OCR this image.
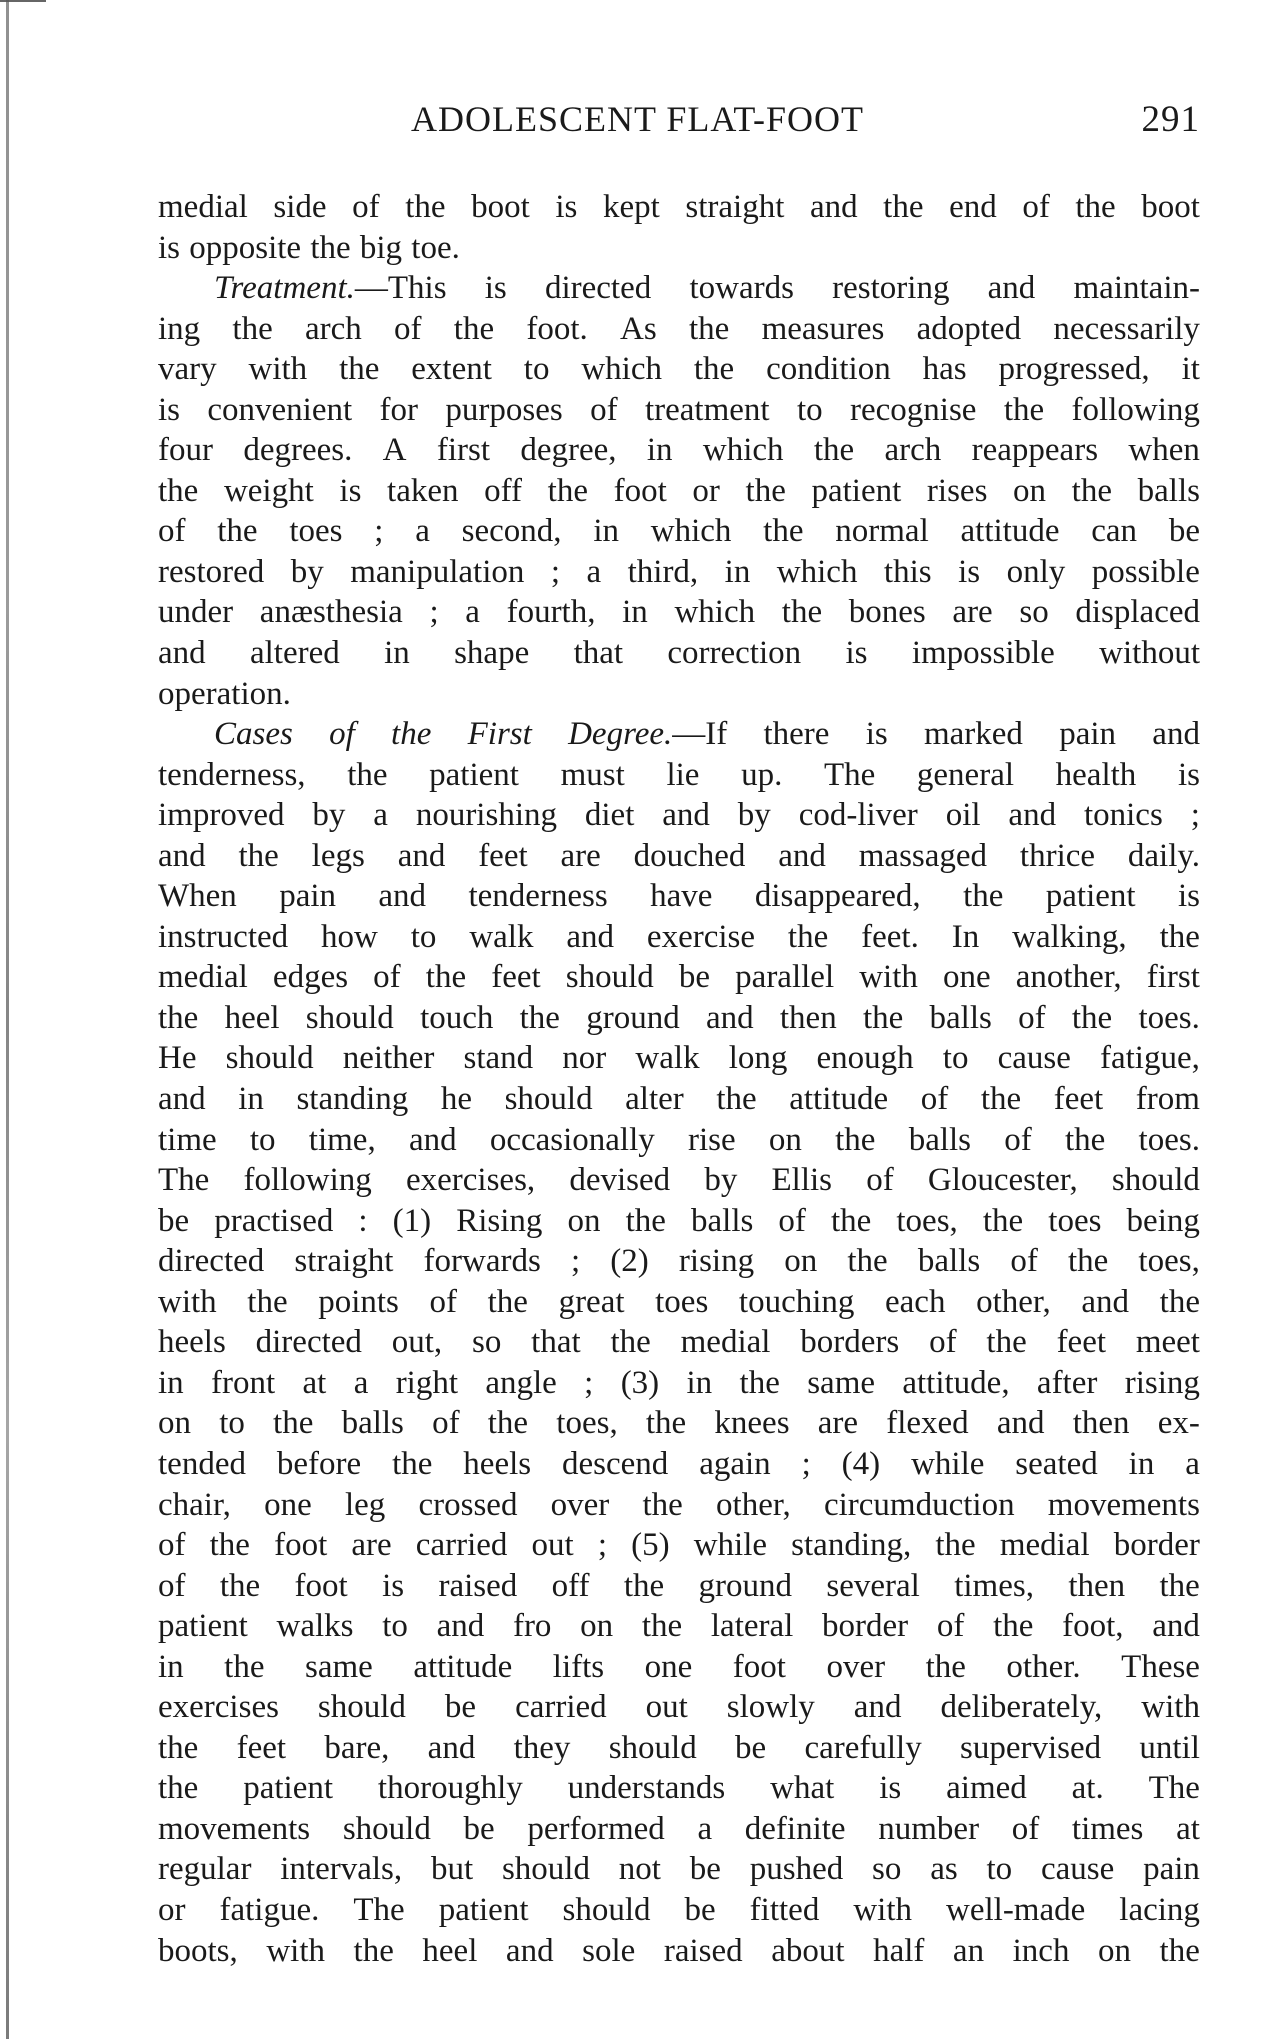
ADOLESCENT FLAT-FOOT	291
medial side of the boot is kept straight and the end of the boot
is opposite the big toe.
Treatment.—This is directed towards restoring and maintain-
ing the arch of the foot. As the measures adopted necessarily
vary with the extent to which the condition has progressed, it
is convenient for purposes of treatment to recognise the following
four degrees. A first degree, in which the arch reappears when
the weight is taken off the foot or the patient rises on the balls
of the toes ; a second, in which the normal attitude can be
restored by manipulation ; a third, in which this is only possible
under anæsthesia ; a fourth, in which the bones are so displaced
and altered in shape that correction is impossible without
operation.
Cases of the First Degree.—If there is marked pain and
tenderness, the patient must lie up. The general health is
improved by a nourishing diet and by cod-liver oil and tonics ;
and the legs and feet are douched and massaged thrice daily.
When pain and tenderness have disappeared, the patient is
instructed how to walk and exercise the feet. In walking, the
medial edges of the feet should be parallel with one another, first
the heel should touch the ground and then the balls of the toes.
He should neither stand nor walk long enough to cause fatigue,
and in standing he should alter the attitude of the feet from
time to time, and occasionally rise on the balls of the toes.
The following exercises, devised by Ellis of Gloucester, should
be practised : (1) Rising on the balls of the toes, the toes being
directed straight forwards ; (2) rising on the balls of the toes,
with the points of the great toes touching each other, and the
heels directed out, so that the medial borders of the feet meet
in front at a right angle ; (3) in the same attitude, after rising
on to the balls of the toes, the knees are flexed and then ex-
tended before the heels descend again ; (4) while seated in a
chair, one leg crossed over the other, circumduction movements
of the foot are carried out ; (5) while standing, the medial border
of the foot is raised off the ground several times, then the
patient walks to and fro on the lateral border of the foot, and
in the same attitude lifts one foot over the other. These
exercises should be carried out slowly and deliberately, with
the feet bare, and they should be carefully supervised until
the patient thoroughly understands what is aimed at. The
movements should be performed a definite number of times at
regular intervals, but should not be pushed so as to cause pain
or fatigue. The patient should be fitted with well-made lacing
boots, with the heel and sole raised about half an inch on the
